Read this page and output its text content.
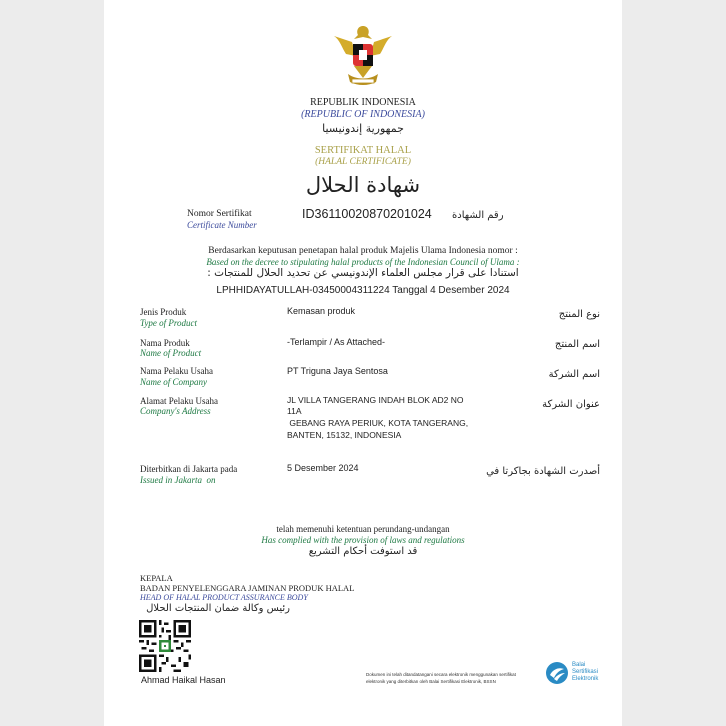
REPUBLIK INDONESIA
(REPUBLIC OF INDONESIA)
جمهورية إندونيسيا
SERTIFIKAT HALAL
(HALAL CERTIFICATE)
شهادة الحلال
Nomor Sertifikat
Certificate Number
ID36110020870201024 رقم الشهادة
Berdasarkan keputusan penetapan halal produk Majelis Ulama Indonesia nomor :
Based on the decree to stipulating halal products of the Indonesian Council of Ulama :
استنادا على قرار مجلس العلماء الإندونيسي عن تحديد الحلال للمنتجات :
LPHHIDAYATULLAH-03450004311224 Tanggal 4 Desember 2024
Jenis Produk
Type of Product
Kemasan produk	نوع المنتج
Nama Produk
Name of Product
-Terlampir / As Attached-	اسم المنتج
Nama Pelaku Usaha
Name of Company
PT Triguna Jaya Sentosa	اسم الشركة
Alamat Pelaku Usaha
Company's Address
JL VILLA TANGERANG INDAH BLOK AD2 NO
11A
GEBANG RAYA PERIUK, KOTA TANGERANG,
BANTEN, 15132, INDONESIA
عنوان الشركة
Diterbitkan di Jakarta pada
Issued in Jakarta  on
5 Desember 2024	أصدرت الشهادة بجاكرتا في
telah memenuhi ketentuan perundang-undangan
Has complied with the provision of laws and regulations
قد استوفت أحكام التشريع
KEPALA
BADAN PENYELENGGARA JAMINAN PRODUK HALAL
HEAD OF HALAL PRODUCT ASSURANCE BODY
رئيس وكالة ضمان المنتجات الحلال
Ahmad Haikal Hasan
Dokumen ini telah ditandatangani secara elektronik menggunakan sertifikat
elektronik yang diterbitkan oleh Balai Sertifikasi Elektronik, BSSN
Balai
Sertifikasi
Elektronik
